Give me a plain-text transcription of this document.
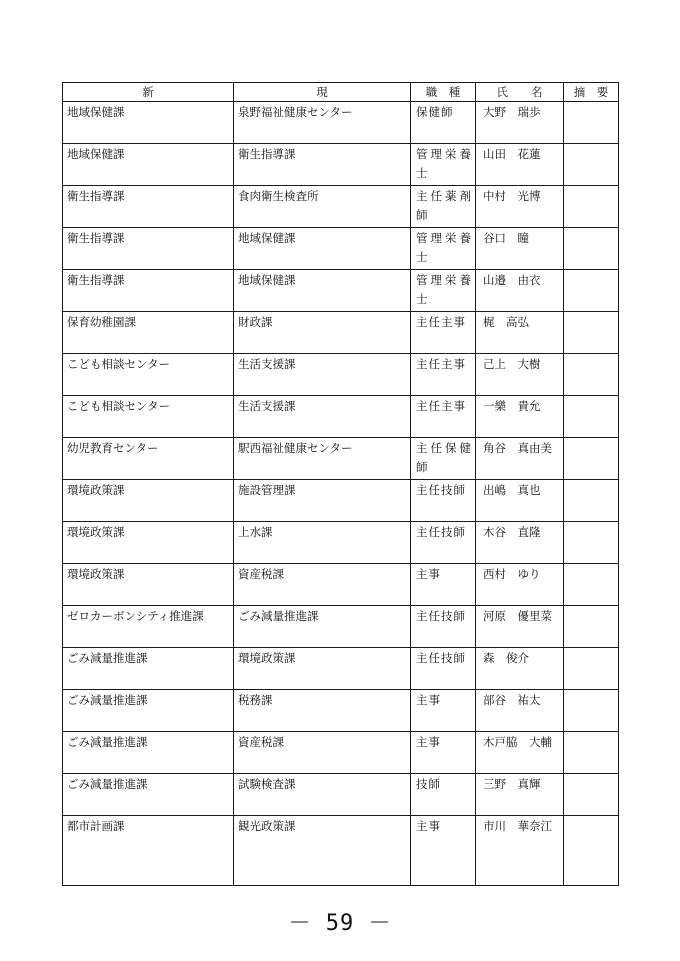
新	現	職　種	氏　　名	摘　要

地域保健課	泉野福祉健康センター	保健師	大野　瑞歩	

地域保健課	衛生指導課	管理栄養士	山田　花蓮	

衛生指導課	食肉衛生検査所	主任薬剤師	中村　光博	

衛生指導課	地域保健課	管理栄養士	谷口　瞳	

衛生指導課	地域保健課	管理栄養士	山邉　由衣	

保育幼稚園課	財政課	主任主事	梶　高弘	

こども相談センター	生活支援課	主任主事	己上　大樹	

こども相談センター	生活支援課	主任主事	一樂　貴允	

幼児教育センター	駅西福祉健康センター	主任保健師	角谷　真由美	

環境政策課	施設管理課	主任技師	出嶋　真也	

環境政策課	上水課	主任技師	木谷　直隆	

環境政策課	資産税課	主事	西村　ゆり	

ゼロカーボンシティ推進課	ごみ減量推進課	主任技師	河原　優里菜	

ごみ減量推進課	環境政策課	主任技師	森　俊介	

ごみ減量推進課	税務課	主事	部谷　祐太	

ごみ減量推進課	資産税課	主事	木戸脇　大輔	

ごみ減量推進課	試験検査課	技師	三野　真輝	

都市計画課	観光政策課	主事	市川　華奈江	

－ 59 －
